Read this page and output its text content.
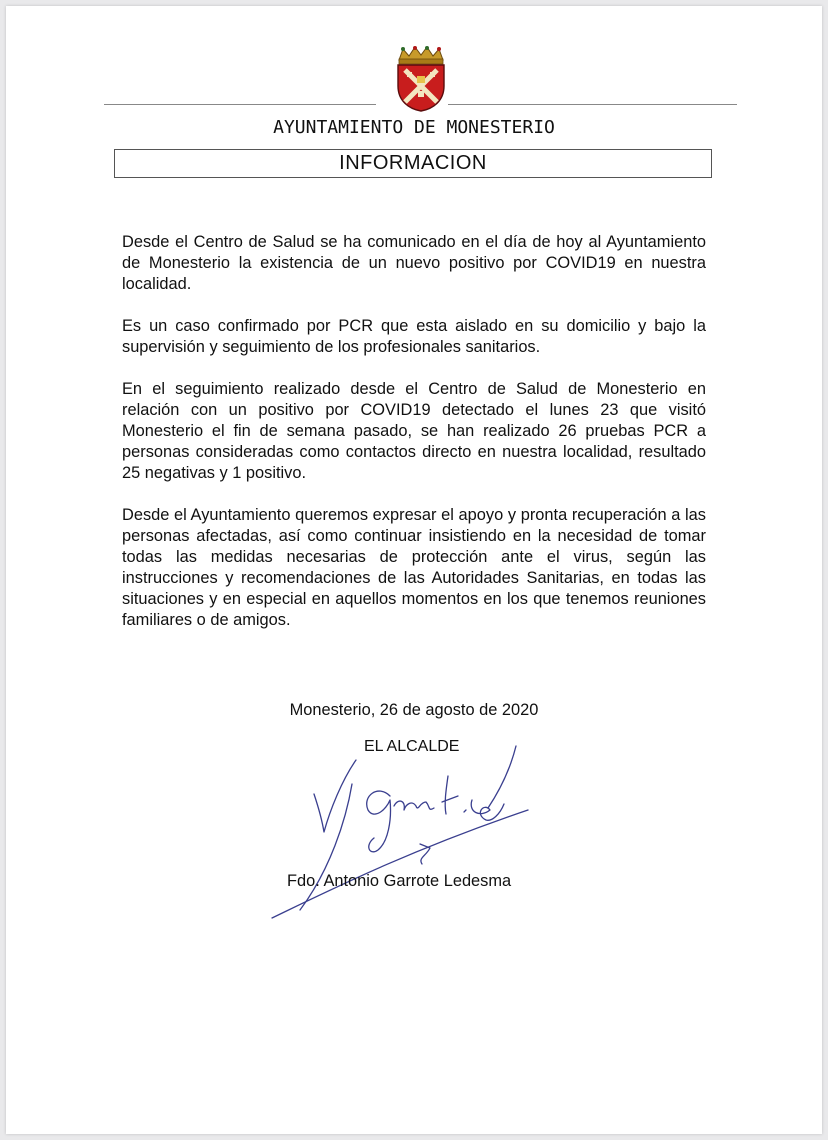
AYUNTAMIENTO DE MONESTERIO
INFORMACION

Desde el Centro de Salud se ha comunicado en el día de hoy al Ayuntamiento de Monesterio la existencia de un nuevo positivo por COVID19 en nuestra localidad.

Es un caso confirmado por PCR que esta aislado en su domicilio y bajo la supervisión y seguimiento de los profesionales sanitarios.

En el seguimiento realizado desde el Centro de Salud de Monesterio en relación con un positivo por COVID19 detectado el lunes 23 que visitó Monesterio el fin de semana pasado, se han realizado 26 pruebas PCR a personas consideradas como contactos directo en nuestra localidad, resultado 25 negativas y 1 positivo.

Desde el Ayuntamiento queremos expresar el apoyo y pronta recuperación a las personas afectadas, así como continuar insistiendo en la necesidad de tomar todas las medidas necesarias de protección ante el virus, según las instrucciones y recomendaciones de las Autoridades Sanitarias, en todas las situaciones y en especial en aquellos momentos en los que tenemos reuniones familiares o de amigos.

Monesterio, 26 de agosto de 2020
EL ALCALDE
Fdo. Antonio Garrote Ledesma
